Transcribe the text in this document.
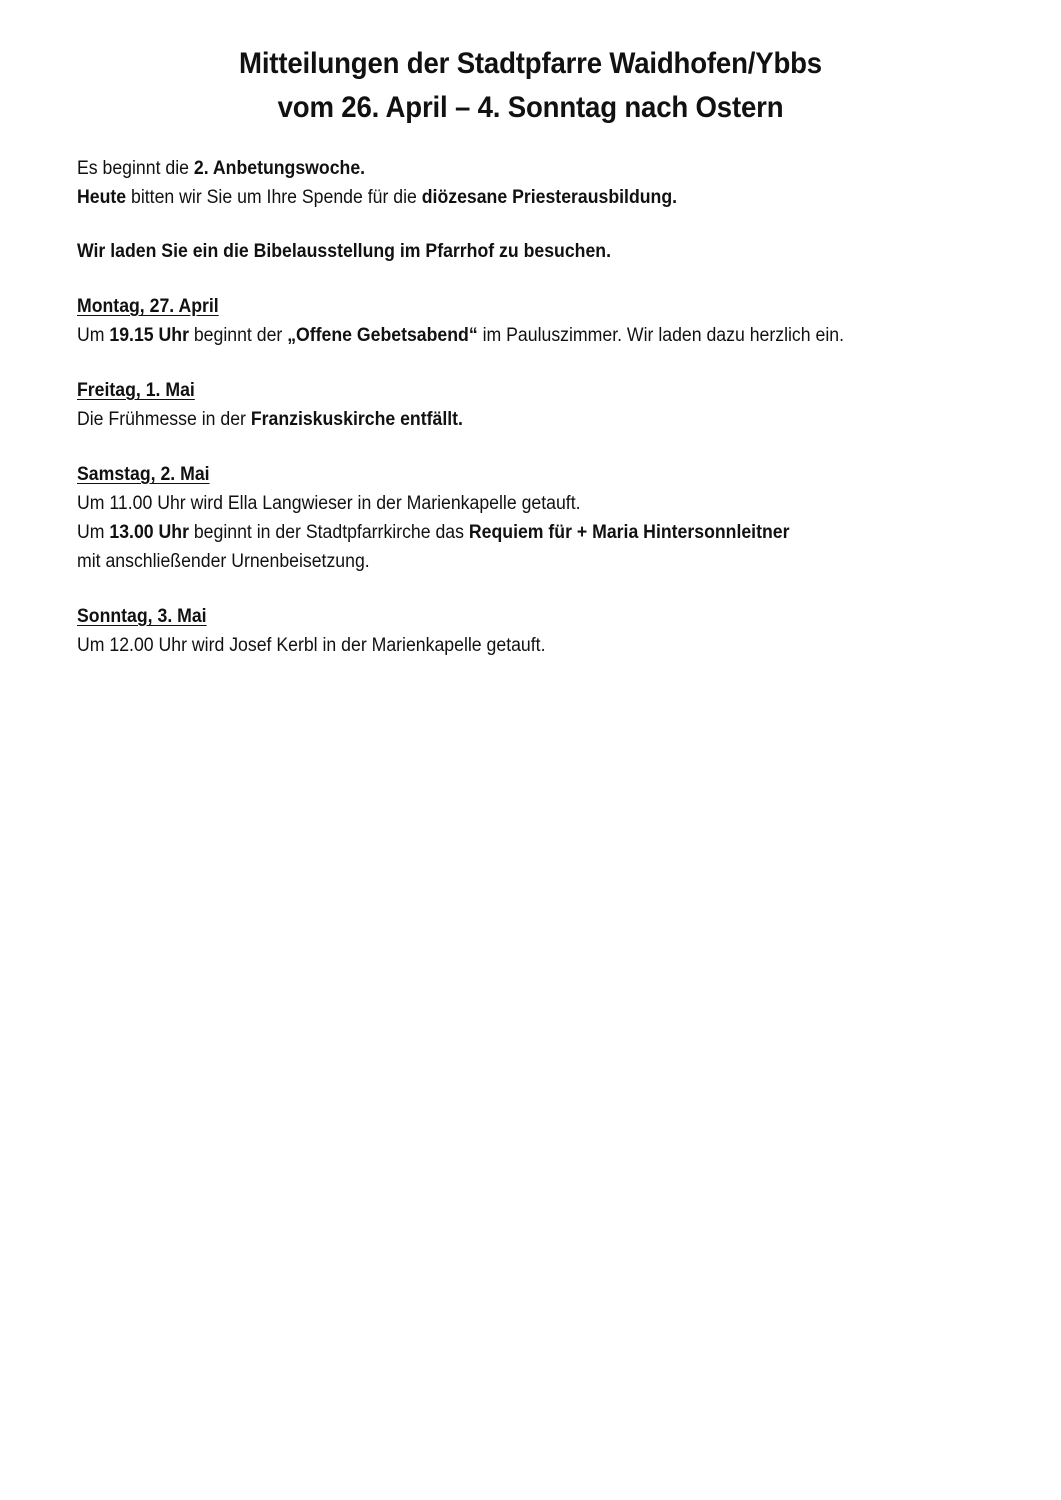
Mitteilungen der Stadtpfarre Waidhofen/Ybbs
vom 26. April – 4. Sonntag nach Ostern

Es beginnt die 2. Anbetungswoche.

Heute bitten wir Sie um Ihre Spende für die diözesane Priesterausbildung.

Wir laden Sie ein die Bibelausstellung im Pfarrhof zu besuchen.

Montag, 27. April

Um 19.15 Uhr beginnt der „Offene Gebetsabend“ im Pauluszimmer. Wir laden dazu herzlich ein.

Freitag, 1. Mai

Die Frühmesse in der Franziskuskirche entfällt.

Samstag, 2. Mai

Um 11.00 Uhr wird Ella Langwieser in der Marienkapelle getauft.

Um 13.00 Uhr beginnt in der Stadtpfarrkirche das Requiem für + Maria Hintersonnleitner

mit anschließender Urnenbeisetzung.

Sonntag, 3. Mai

Um 12.00 Uhr wird Josef Kerbl in der Marienkapelle getauft.
